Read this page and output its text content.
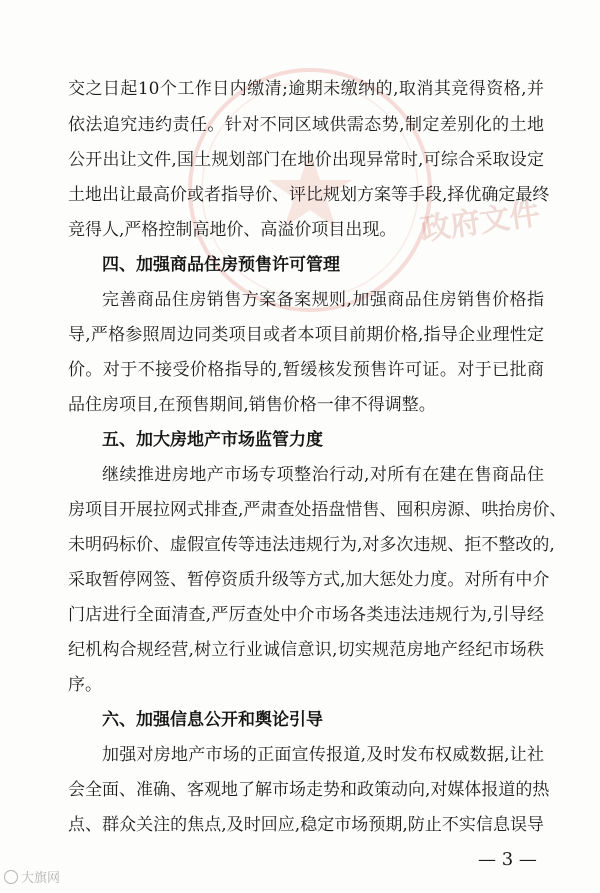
政府文件
交之日起10个工作日内缴清;逾期未缴纳的,取消其竞得资格,并
依法追究违约责任。针对不同区域供需态势,制定差别化的土地
公开出让文件,国土规划部门在地价出现异常时,可综合采取设定
土地出让最高价或者指导价、评比规划方案等手段,择优确定最终
竞得人,严格控制高地价、高溢价项目出现。
四、加强商品住房预售许可管理
完善商品住房销售方案备案规则,加强商品住房销售价格指
导,严格参照周边同类项目或者本项目前期价格,指导企业理性定
价。对于不接受价格指导的,暂缓核发预售许可证。对于已批商
品住房项目,在预售期间,销售价格一律不得调整。
五、加大房地产市场监管力度
继续推进房地产市场专项整治行动,对所有在建在售商品住
房项目开展拉网式排查,严肃查处捂盘惜售、囤积房源、哄抬房价、
未明码标价、虚假宣传等违法违规行为,对多次违规、拒不整改的,
采取暂停网签、暂停资质升级等方式,加大惩处力度。对所有中介
门店进行全面清查,严厉查处中介市场各类违法违规行为,引导经
纪机构合规经营,树立行业诚信意识,切实规范房地产经纪市场秩
序。
六、加强信息公开和舆论引导
加强对房地产市场的正面宣传报道,及时发布权威数据,让社
会全面、准确、客观地了解市场走势和政策动向,对媒体报道的热
点、群众关注的焦点,及时回应,稳定市场预期,防止不实信息误导
— 3 —
大旗网
